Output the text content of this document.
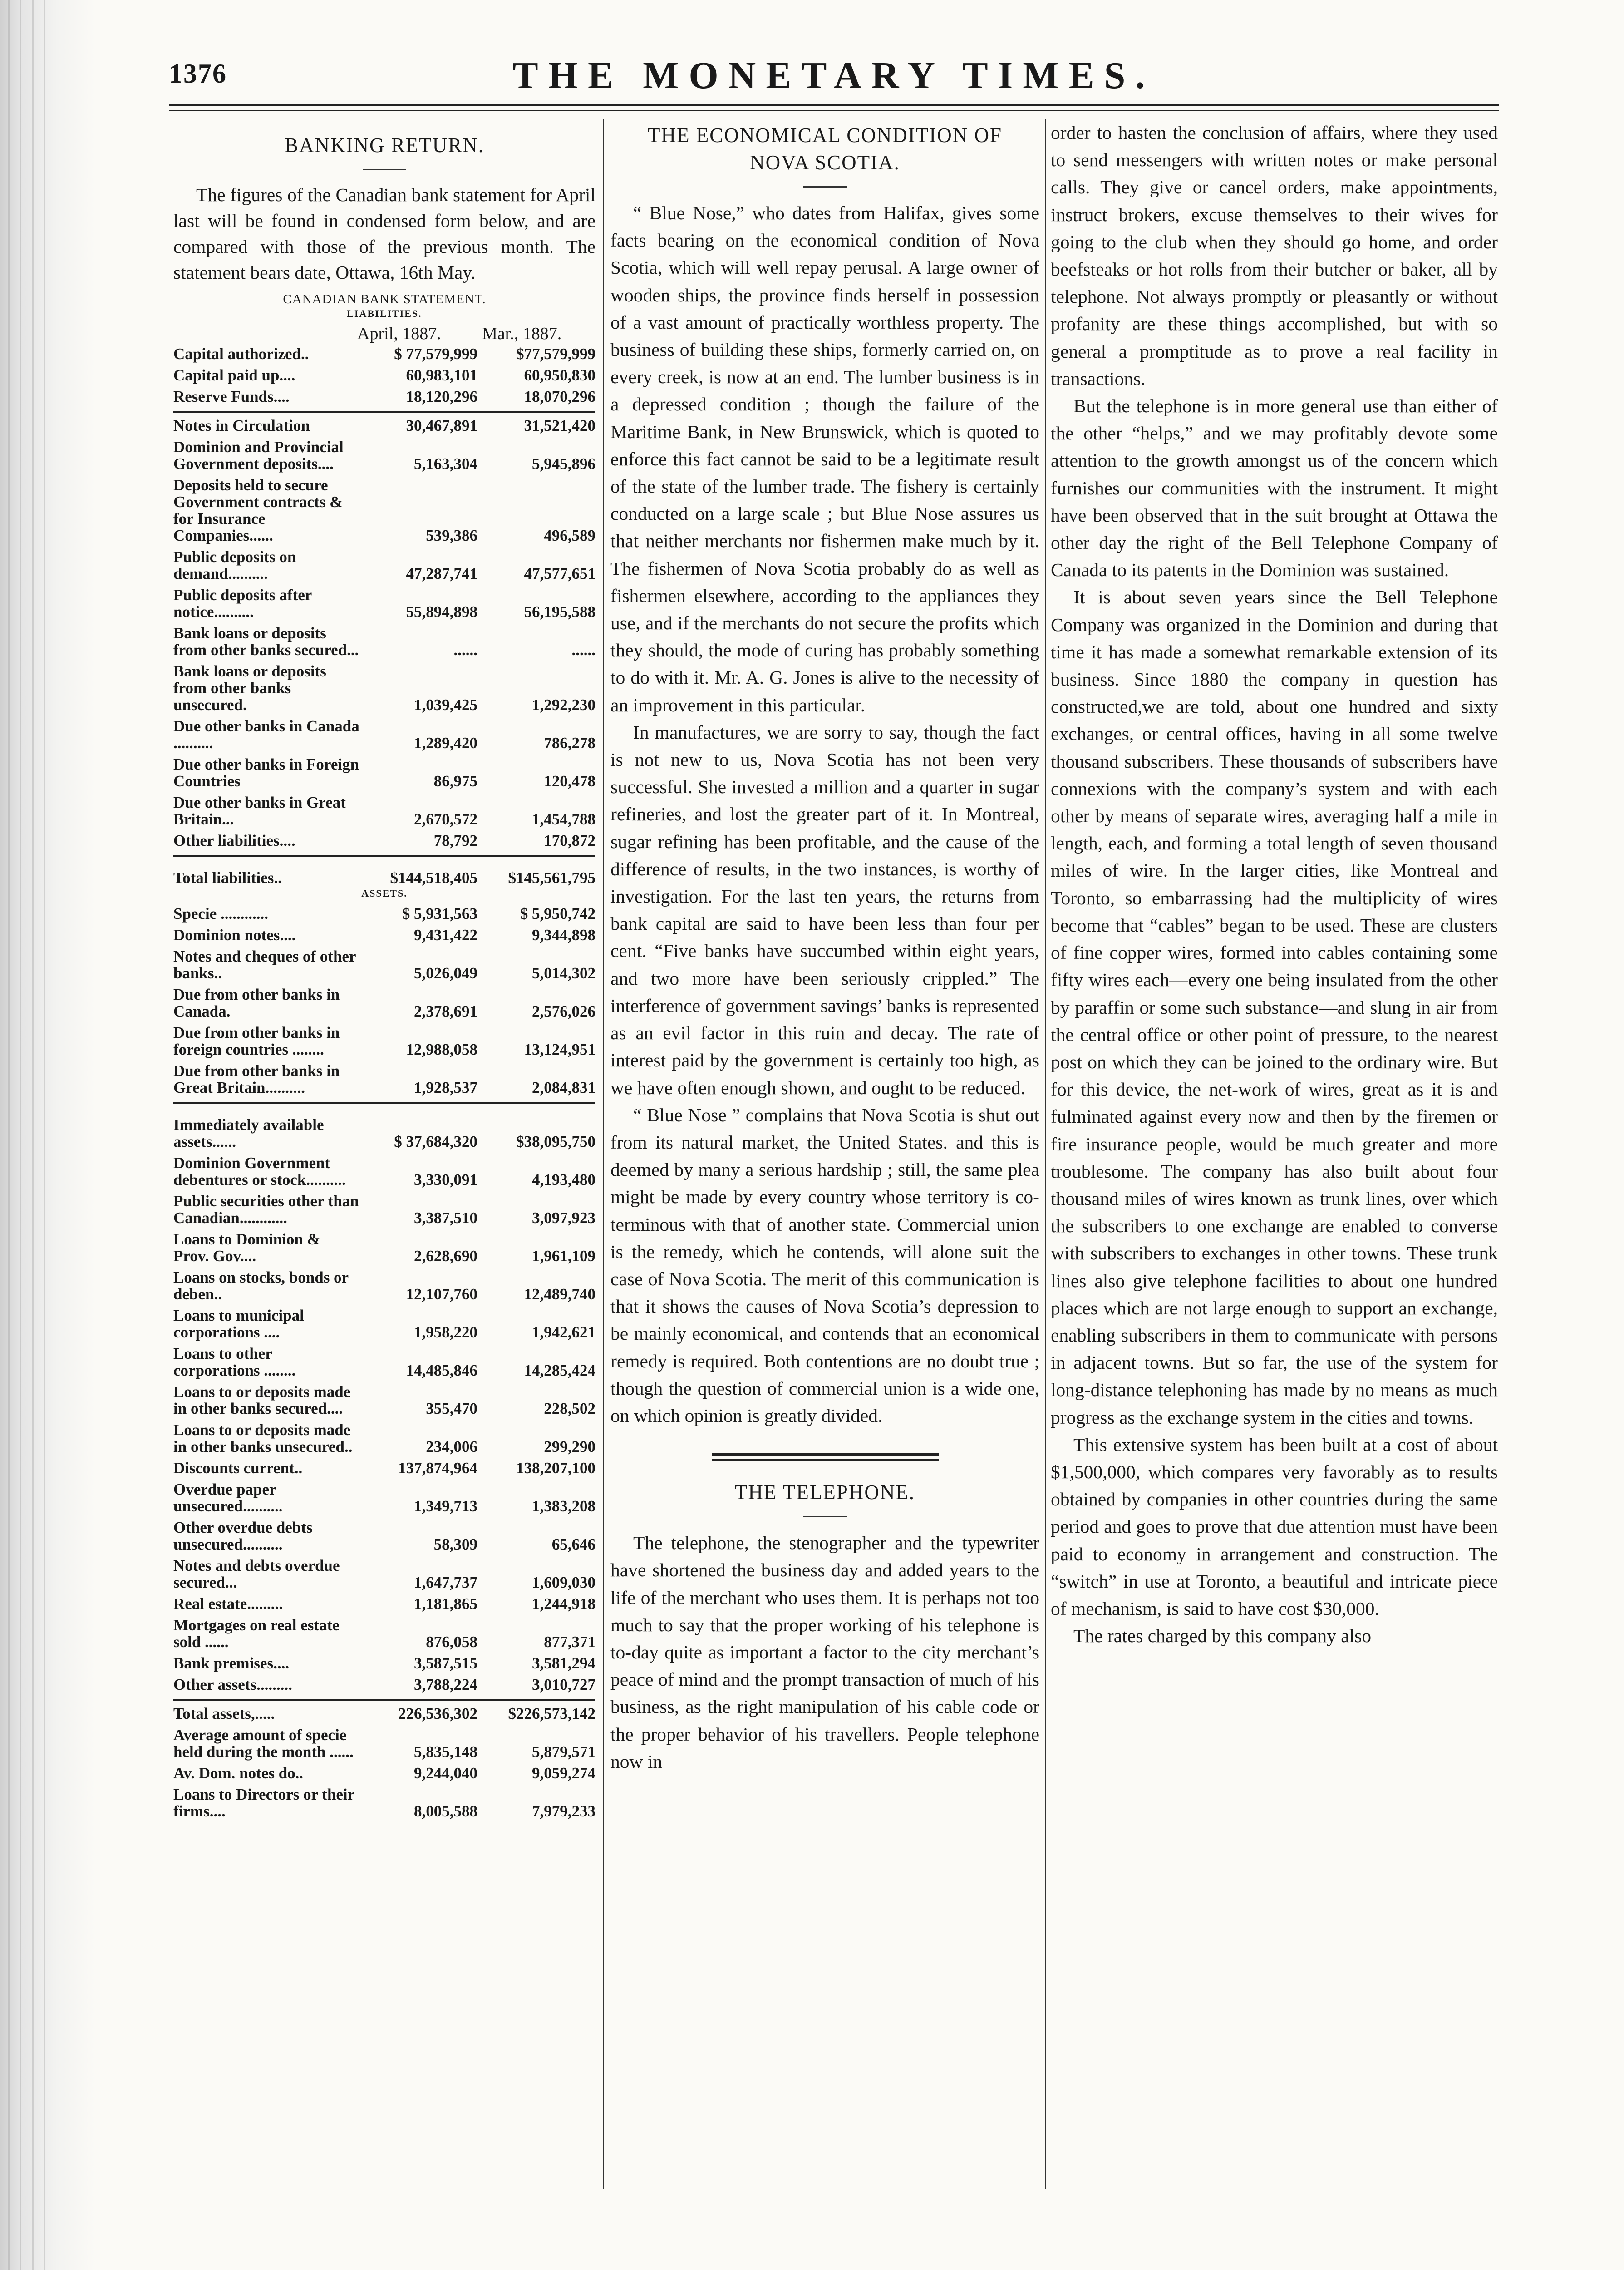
1376	THE MONETARY TIMES.
BANKING RETURN.

The figures of the Canadian bank statement for April last will be found in condensed form below, and are compared with those of the previous month. The statement bears date, Ottawa, 16th May.

CANADIAN BANK STATEMENT.
LIABILITIES.
April, 1887. Mar., 1887.
Capital authorized..	$ 77,579,999	$77,579,999
Capital paid up....	60,983,101	60,950,830
Reserve Funds....	18,120,296	18,070,296

Notes in Circulation	30,467,891	31,521,420
Dominion and Provincial Government deposits....	5,163,304	5,945,896
Deposits held to secure Government contracts & for Insurance Companies......	539,386	496,589
Public deposits on demand..........	47,287,741	47,577,651
Public deposits after notice..........	55,894,898	56,195,588
Bank loans or deposits from other banks secured...	......	......
Bank loans or deposits from other banks unsecured.	1,039,425	1,292,230
Due other banks in Canada ..........	1,289,420	786,278
Due other banks in Foreign Countries	86,975	120,478
Due other banks in Great Britain...	2,670,572	1,454,788
Other liabilities....	78,792	170,872

Total liabilities..	$144,518,405	$145,561,795

ASSETS.		

Specie ............	$ 5,931,563	$ 5,950,742
Dominion notes....	9,431,422	9,344,898
Notes and cheques of other banks..	5,026,049	5,014,302
Due from other banks in Canada.	2,378,691	2,576,026
Due from other banks in foreign countries ........	12,988,058	13,124,951
Due from other banks in Great Britain..........	1,928,537	2,084,831

Immediately available assets......	$ 37,684,320	$38,095,750
Dominion Government debentures or stock..........	3,330,091	4,193,480
Public securities other than Canadian............	3,387,510	3,097,923
Loans to Dominion & Prov. Gov....	2,628,690	1,961,109
Loans on stocks, bonds or deben..	12,107,760	12,489,740
Loans to municipal corporations ....	1,958,220	1,942,621
Loans to other corporations ........	14,485,846	14,285,424
Loans to or deposits made in other banks secured....	355,470	228,502
Loans to or deposits made in other banks unsecured..	234,006	299,290
Discounts current..	137,874,964	138,207,100
Overdue paper unsecured..........	1,349,713	1,383,208
Other overdue debts unsecured..........	58,309	65,646
Notes and debts overdue secured...	1,647,737	1,609,030
Real estate.........	1,181,865	1,244,918
Mortgages on real estate sold ......	876,058	877,371
Bank premises....	3,587,515	3,581,294
Other assets.........	3,788,224	3,010,727

Total assets,.....	226,536,302	$226,573,142
Average amount of specie held during the month ......	5,835,148	5,879,571
Av. Dom. notes do..	9,244,040	9,059,274
Loans to Directors or their firms....	8,005,588	7,979,233
THE ECONOMICAL CONDITION OF
NOVA SCOTIA.

“ Blue Nose,” who dates from Halifax, gives some facts bearing on the economical condition of Nova Scotia, which will well repay perusal. A large owner of wooden ships, the province finds herself in possession of a vast amount of practically worthless property. The business of building these ships, formerly carried on, on every creek, is now at an end. The lumber business is in a depressed condition ; though the failure of the Maritime Bank, in New Brunswick, which is quoted to enforce this fact cannot be said to be a legitimate result of the state of the lumber trade. The fishery is certainly conducted on a large scale ; but Blue Nose assures us that neither merchants nor fishermen make much by it. The fishermen of Nova Scotia probably do as well as fishermen elsewhere, according to the appliances they use, and if the merchants do not secure the profits which they should, the mode of curing has probably something to do with it. Mr. A. G. Jones is alive to the necessity of an improvement in this particular.

In manufactures, we are sorry to say, though the fact is not new to us, Nova Scotia has not been very successful. She invested a million and a quarter in sugar refineries, and lost the greater part of it. In Montreal, sugar refining has been profitable, and the cause of the difference of results, in the two instances, is worthy of investigation. For the last ten years, the returns from bank capital are said to have been less than four per cent. “Five banks have succumbed within eight years, and two more have been seriously crippled.” The interference of government savings’ banks is represented as an evil factor in this ruin and decay. The rate of interest paid by the government is certainly too high, as we have often enough shown, and ought to be reduced.

“ Blue Nose ” complains that Nova Scotia is shut out from its natural market, the United States. and this is deemed by many a serious hardship ; still, the same plea might be made by every country whose territory is co-terminous with that of another state. Commercial union is the remedy, which he contends, will alone suit the case of Nova Scotia. The merit of this communication is that it shows the causes of Nova Scotia’s depression to be mainly economical, and contends that an economical remedy is required. Both contentions are no doubt true ; though the question of commercial union is a wide one, on which opinion is greatly divided.

THE TELEPHONE.

The telephone, the stenographer and the typewriter have shortened the business day and added years to the life of the merchant who uses them. It is perhaps not too much to say that the proper working of his telephone is to-day quite as important a factor to the city merchant’s peace of mind and the prompt transaction of much of his business, as the right manipulation of his cable code or the proper behavior of his travellers. People telephone now in

order to hasten the conclusion of affairs, where they used to send messengers with written notes or make personal calls. They give or cancel orders, make appointments, instruct brokers, excuse themselves to their wives for going to the club when they should go home, and order beefsteaks or hot rolls from their butcher or baker, all by telephone. Not always promptly or pleasantly or without profanity are these things accomplished, but with so general a promptitude as to prove a real facility in transactions.

But the telephone is in more general use than either of the other “helps,” and we may profitably devote some attention to the growth amongst us of the concern which furnishes our communities with the instrument. It might have been observed that in the suit brought at Ottawa the other day the right of the Bell Telephone Company of Canada to its patents in the Dominion was sustained.

It is about seven years since the Bell Telephone Company was organized in the Dominion and during that time it has made a somewhat remarkable extension of its business. Since 1880 the company in question has constructed,we are told, about one hundred and sixty exchanges, or central offices, having in all some twelve thousand subscribers. These thousands of subscribers have connexions with the company’s system and with each other by means of separate wires, averaging half a mile in length, each, and forming a total length of seven thousand miles of wire. In the larger cities, like Montreal and Toronto, so embarrassing had the multiplicity of wires become that “cables” began to be used. These are clusters of fine copper wires, formed into cables containing some fifty wires each—every one being insulated from the other by paraffin or some such substance—and slung in air from the central office or other point of pressure, to the nearest post on which they can be joined to the ordinary wire. But for this device, the net-work of wires, great as it is and fulminated against every now and then by the firemen or fire insurance people, would be much greater and more troublesome. The company has also built about four thousand miles of wires known as trunk lines, over which the subscribers to one exchange are enabled to converse with subscribers to exchanges in other towns. These trunk lines also give telephone facilities to about one hundred places which are not large enough to support an exchange, enabling subscribers in them to communicate with persons in adjacent towns. But so far, the use of the system for long-distance telephoning has made by no means as much progress as the exchange system in the cities and towns.

This extensive system has been built at a cost of about $1,500,000, which compares very favorably as to results obtained by companies in other countries during the same period and goes to prove that due attention must have been paid to economy in arrangement and construction. The “switch” in use at Toronto, a beautiful and intricate piece of mechanism, is said to have cost $30,000.

The rates charged by this company also
